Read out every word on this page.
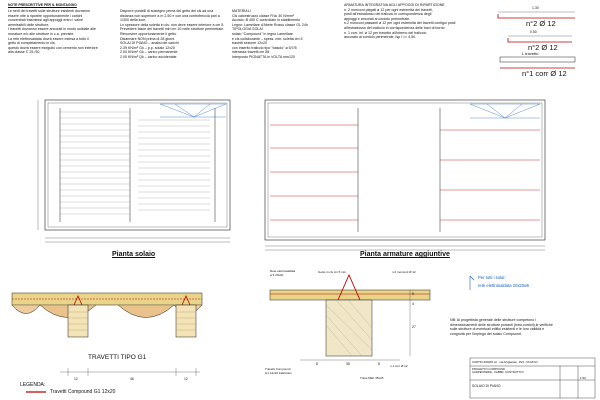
NOTE PRESCRITTIVE PER IL MONTAGGIO
Le sedi dei travetti sulle strutture esistenti dovranno
essere otte a ripartire opportunamente i carichi
concentrati trasmessi agli appoggi entro i valori
ammissibili delle strutture.
I travetti dovranno essere ancorati in modo solidale alle
murature e/o alle strutture in c.a. previste.
La rete elettrosaldata dovrà essere estesa a tutto il
getto di completamento in cls;
questo dovrà essere eseguito con cemento non inferiore
alla classe C 25 /30.
Disporre puntelli di sostegno prima del getto del cls ad una
distanza non superiore a m 2,50 e con una controfreccia pari a
1/300 della luce.
Lo spessore della soletta in cls. non deve essere inferiore a cm 5.
Prevedere fasce dei travetti min cm 10 nelle strutture perimetrale.
Rimuovere opportunamente il getto.
Disarmare NON prima di 28 giorni.
SOLAI DI PIANO – analisi dei carichi
2.39 KN/m² Gk – p.p. solaio 12x20
2.00 KN/m² Gk – carico permanente
2.00 KN/m² Qk – carico accidentale
MATERIALI
Cls calcestruzzo classe R'ck 30 N/mm²
Acciaio: B 450 C controllato in stabilimento
Legno: Lamellare d'Abete Rosso classe GL 24h
TIPOLOGIA SOLAI
solaio "Compound" in legno Lamellare
e cls collaborante – spess. min. soletta cm 5
travetti sezione 12x20
con inserito traliccio tipo "basolo" ø 5/7/5
interasse travetti cm 58
Interposto PIGNATTA in VOLTA mm120
ARMATURA INTEGRATIVA AGLI APPOGGI DI RIPARTIZIONE
n. 2 monconi piegati ø 12 per ogni estremità dei travetti,
posti all'estradosso del traliccio in corrispondenza degli
appoggi e ancorati al cordolo perimetrale.
n.2 monconi passanti ø 12 per ogni estremità dei travetti contigui posti
all'estradosso del traliccio in corrispondenza delle travi di bordo
n. 1 corr. inf. ø 12 per travetto all'interno del traliccio
ancorato al cordolo perimetrale, lsp l >= 4,50.
1.30
n°2 Ø 12
0.50
n°2 Ø 12
L travetto
n°1 corr Ø 12
Pianta solaio	Pianta armature aggiuntive
Per tutti i solai:
rete elettrosaldata 20x20ø6
TRAVETTI TIPO G1
12	46	12
LEGENDA:
Travetti Compound G1 12x20
Rete elettrosaldata
ø 5 20x20
Getto in cls cm 5 min.	n.2 monconi Ø 12
Travetti Compound
G1 12x20 tralicciato
n.1 corr Ø 12
Trave REF 35x35
8	35	8
5
4
27
NB: Al progettista generale delle strutture competono i
dimensionamenti delle strutture portanti (travi,cordoli),le verifiche
sulle strutture di eventuali edifici esistenti e le loro validità e
congruità per l'impiego del solaio Compound.
CORTIN ZORZO srl - via Artigianato, 15/2 - ROVIGO
PROGETTO COMPOUND
CARPENTERIE - FABBR. COSTRUTTIVI
SOLAIO DI PIANO
1:50
